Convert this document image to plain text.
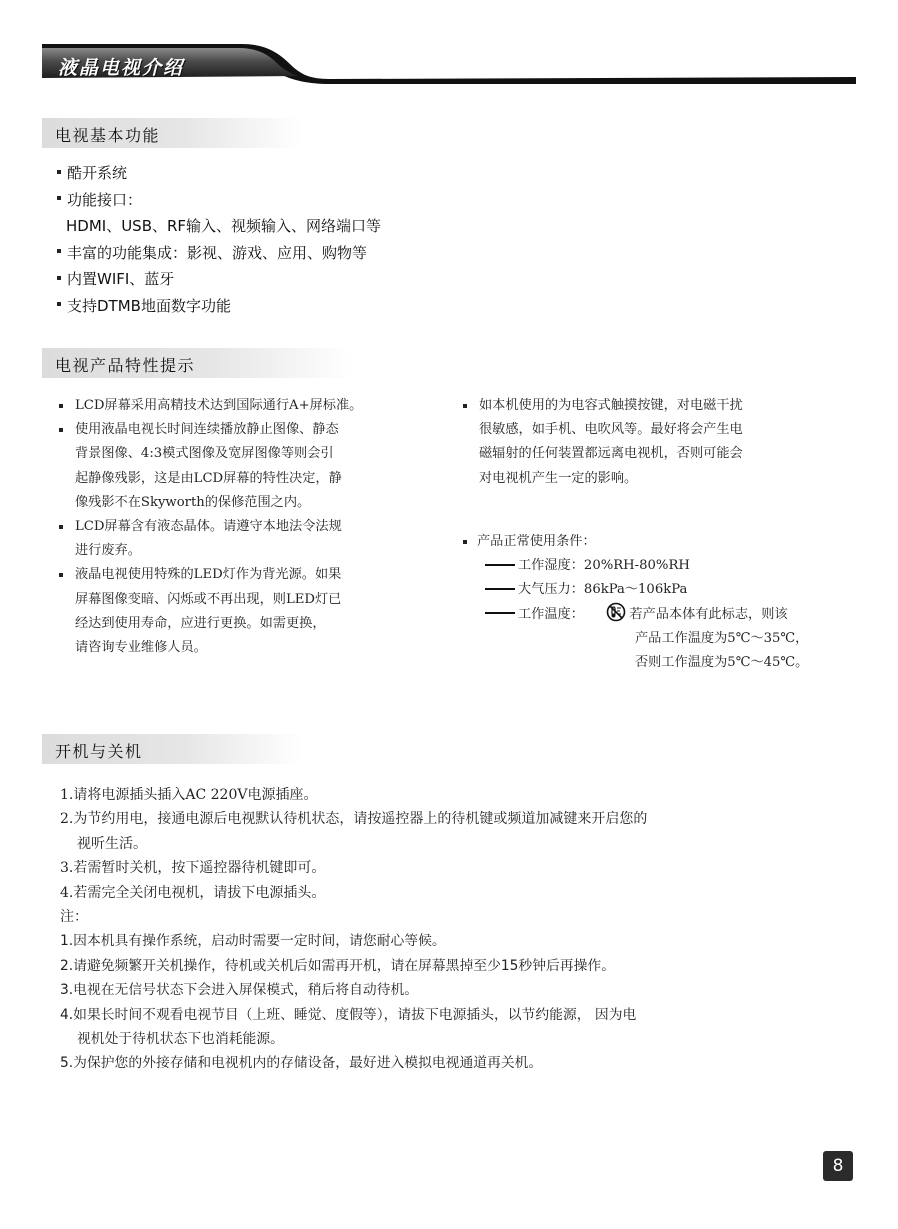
液晶电视介绍
电视基本功能
酷开系统
功能接口：
HDMI、USB、RF输入、视频输入、网络端口等
丰富的功能集成：影视、游戏、应用、购物等
内置WIFI、蓝牙
支持DTMB地面数字功能
电视产品特性提示
LCD屏幕采用高精技术达到国际通行A+屏标准。
使用液晶电视长时间连续播放静止图像、静态
背景图像、4:3模式图像及宽屏图像等则会引
起静像残影，这是由LCD屏幕的特性决定，静
像残影不在Skyworth的保修范围之内。
LCD屏幕含有液态晶体。请遵守本地法令法规
进行废弃。
液晶电视使用特殊的LED灯作为背光源。如果
屏幕图像变暗、闪烁或不再出现，则LED灯已
经达到使用寿命，应进行更换。如需更换，
请咨询专业维修人员。
如本机使用的为电容式触摸按键，对电磁干扰
很敏感，如手机、电吹风等。最好将会产生电
磁辐射的任何装置都远离电视机，否则可能会
对电视机产生一定的影响。
产品正常使用条件：
工作湿度：20%RH-80%RH
大气压力：86kPa～106kPa
工作温度：	若产品本体有此标志，则该
产品工作温度为5℃～35℃，
否则工作温度为5℃～45℃。
开机与关机
1.请将电源插头插入AC 220V电源插座。
2.为节约用电，接通电源后电视默认待机状态，请按遥控器上的待机键或频道加减键来开启您的
视听生活。
3.若需暂时关机，按下遥控器待机键即可。
4.若需完全关闭电视机，请拔下电源插头。
注：
1.因本机具有操作系统，启动时需要一定时间，请您耐心等候。
2.请避免频繁开关机操作，待机或关机后如需再开机，请在屏幕黑掉至少15秒钟后再操作。
3.电视在无信号状态下会进入屏保模式，稍后将自动待机。
4.如果长时间不观看电视节目（上班、睡觉、度假等），请拔下电源插头，以节约能源， 因为电
视机处于待机状态下也消耗能源。
5.为保护您的外接存储和电视机内的存储设备，最好进入模拟电视通道再关机。
8
